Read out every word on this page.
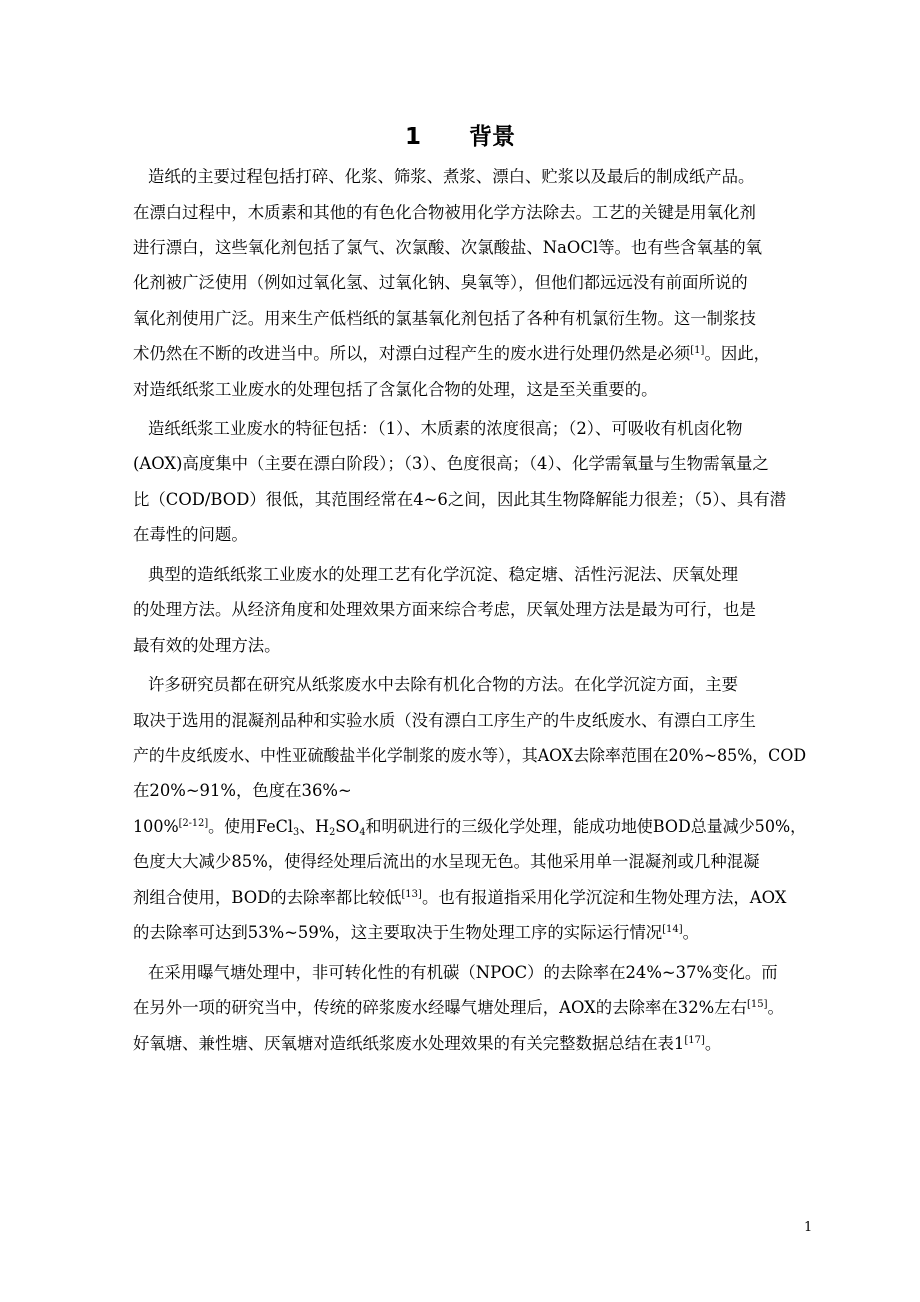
1 背景
造纸的主要过程包括打碎、化浆、筛浆、煮浆、漂白、贮浆以及最后的制成纸产品。
在漂白过程中，木质素和其他的有色化合物被用化学方法除去。工艺的关键是用氧化剂
进行漂白，这些氧化剂包括了氯气、次氯酸、次氯酸盐、NaOCl等。也有些含氧基的氧
化剂被广泛使用（例如过氧化氢、过氧化钠、臭氧等），但他们都远远没有前面所说的
氧化剂使用广泛。用来生产低档纸的氯基氧化剂包括了各种有机氯衍生物。这一制浆技
术仍然在不断的改进当中。所以，对漂白过程产生的废水进行处理仍然是必须[1]。因此，
对造纸纸浆工业废水的处理包括了含氯化合物的处理，这是至关重要的。
造纸纸浆工业废水的特征包括：（1）、木质素的浓度很高；（2）、可吸收有机卤化物
(AOX)高度集中（主要在漂白阶段）；（3）、色度很高；（4）、化学需氧量与生物需氧量之
比（COD/BOD）很低，其范围经常在4~6之间，因此其生物降解能力很差；（5）、具有潜
在毒性的问题。
典型的造纸纸浆工业废水的处理工艺有化学沉淀、稳定塘、活性污泥法、厌氧处理
的处理方法。从经济角度和处理效果方面来综合考虑，厌氧处理方法是最为可行，也是
最有效的处理方法。
许多研究员都在研究从纸浆废水中去除有机化合物的方法。在化学沉淀方面，主要
取决于选用的混凝剂品种和实验水质（没有漂白工序生产的牛皮纸废水、有漂白工序生
产的牛皮纸废水、中性亚硫酸盐半化学制浆的废水等），其AOX去除率范围在20%~85%，COD
在20%~91%，色度在36%~
100%[2-12]。使用FeCl$_3$、$H_2SO_4$和明矾进行的三级化学处理，能成功地使BOD总量减少50%，
色度大大减少85%，使得经处理后流出的水呈现无色。其他采用单一混凝剂或几种混凝
剂组合使用，BOD的去除率都比较低[13]。也有报道指采用化学沉淀和生物处理方法，AOX
的去除率可达到53%~59%，这主要取决于生物处理工序的实际运行情况[14]。
在采用曝气塘处理中，非可转化性的有机碳（NPOC）的去除率在24%~37%变化。而
在另外一项的研究当中，传统的碎浆废水经曝气塘处理后，AOX的去除率在32%左右[15]。
好氧塘、兼性塘、厌氧塘对造纸纸浆废水处理效果的有关完整数据总结在表1[17]。
1
